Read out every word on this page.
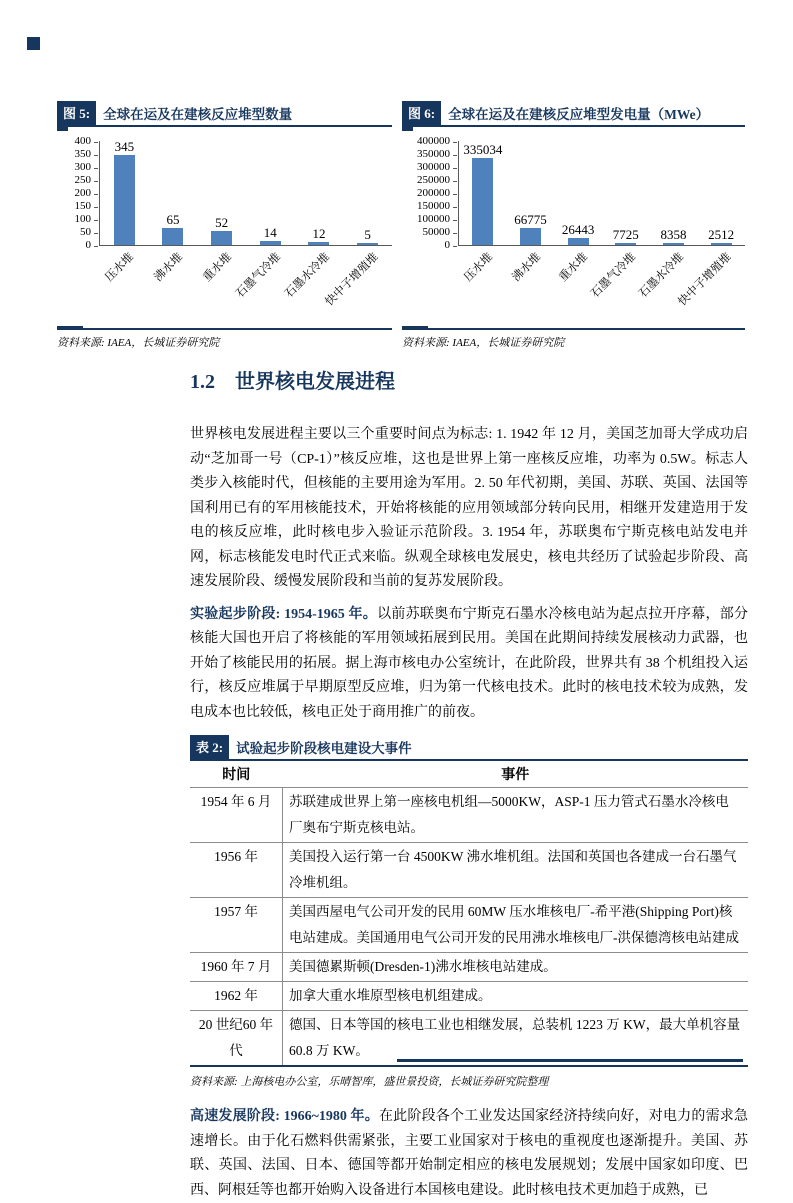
图 5: 全球在运及在建核反应堆型数量
400
350
300
250
200
150
100
50
0
345
65	52
14	12	5
压水堆 沸水堆 重水堆 石墨气冷堆 石墨水冷堆
快中子增殖堆
资料来源: IAEA，长城证券研究院
图 6: 全球在运及在建核反应堆型发电量（MWe）
400000
350000
300000
250000
200000
150000
100000
50000
0
335034
66775
26443 7725 8358 2512
压水堆 沸水堆 重水堆
石墨气冷堆
石墨水冷堆
快中子增殖堆
资料来源: IAEA，长城证券研究院
1.2 世界核电发展进程

世界核电发展进程主要以三个重要时间点为标志: 1. 1942 年 12 月，美国芝加哥大学成功启动“芝加哥一号（CP-1）”核反应堆，这也是世界上第一座核反应堆，功率为 0.5W。标志人类步入核能时代，但核能的主要用途为军用。2. 50 年代初期，美国、苏联、英国、法国等国利用已有的军用核能技术，开始将核能的应用领域部分转向民用，相继开发建造用于发电的核反应堆，此时核电步入验证示范阶段。3. 1954 年，苏联奥布宁斯克核电站发电并网，标志核能发电时代正式来临。纵观全球核电发展史，核电共经历了试验起步阶段、高速发展阶段、缓慢发展阶段和当前的复苏发展阶段。

实验起步阶段: 1954-1965 年。以前苏联奥布宁斯克石墨水冷核电站为起点拉开序幕，部分核能大国也开启了将核能的军用领域拓展到民用。美国在此期间持续发展核动力武器，也开始了核能民用的拓展。据上海市核电办公室统计，在此阶段，世界共有 38 个机组投入运行，核反应堆属于早期原型反应堆，归为第一代核电技术。此时的核电技术较为成熟，发电成本也比较低，核电正处于商用推广的前夜。

表 2: 试验起步阶段核电建设大事件
时间	事件
1954 年 6 月	苏联建成世界上第一座核电机组—5000KW，ASP-1 压力管式石墨水冷核电厂奥布宁斯克核电站。
1956 年	美国投入运行第一台 4500KW 沸水堆机组。法国和英国也各建成一台石墨气冷堆机组。
1957 年	美国西屋电气公司开发的民用 60MW 压水堆核电厂-希平港(Shipping Port)核电站建成。美国通用电气公司开发的民用沸水堆核电厂-洪保德湾核电站建成
1960 年 7 月	美国德累斯顿(Dresden-1)沸水堆核电站建成。
1962 年	加拿大重水堆原型核电机组建成。
20 世纪60 年代	德国、日本等国的核电工业也相继发展，总装机 1223 万 KW，最大单机容量 60.8 万 KW。
资料来源: 上海核电办公室，乐晴智库，盛世景投资，长城证券研究院整理

高速发展阶段: 1966~1980 年。在此阶段各个工业发达国家经济持续向好，对电力的需求急速增长。由于化石燃料供需紧张，主要工业国家对于核电的重视度也逐渐提升。美国、苏联、英国、法国、日本、德国等都开始制定相应的核电发展规划；发展中国家如印度、巴西、阿根廷等也都开始购入设备进行本国核电建设。此时核电技术更加趋于成熟，已
